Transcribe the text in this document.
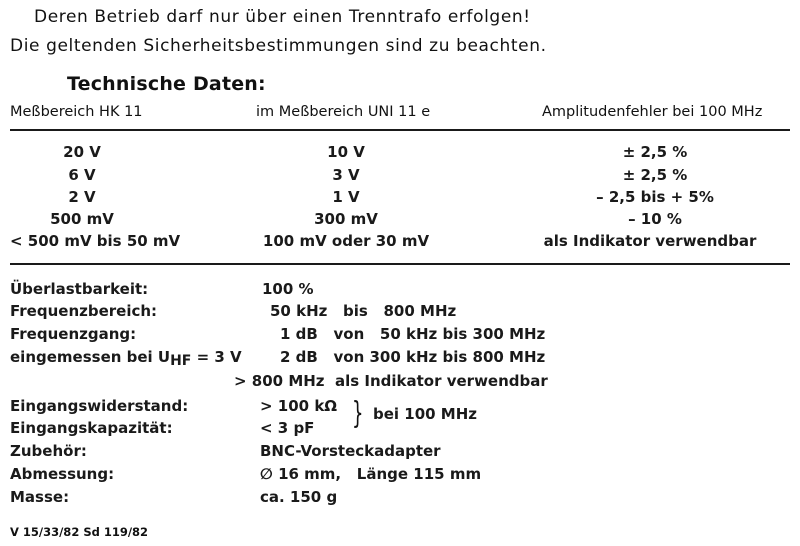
Deren Betrieb darf nur über einen Trenntrafo erfolgen!
Die geltenden Sicherheitsbestimmungen sind zu beachten.
Technische Daten:
Meßbereich HK 11	im Meßbereich UNI 11 e	Amplitudenfehler bei 100 MHz
20 V	10 V	± 2,5 %
6 V	3 V	± 2,5 %
2 V	1 V	– 2,5 bis + 5%
500 mV	300 mV	– 10 %
< 500 mV bis 50 mV	100 mV oder 30 mV	als Indikator verwendbar
Überlastbarkeit:	100 %
Frequenzbereich:	50 kHz   bis   800 MHz
Frequenzgang:	1 dB   von   50 kHz bis 300 MHz
eingemessen bei $U_{HF} = 3$ V	2 dB   von 300 kHz bis 800 MHz
> 800 MHz  als Indikator verwendbar
Eingangswiderstand:	> 100 kΩ
Eingangskapazität:	< 3 pF } bei 100 MHz
Zubehör:	BNC-Vorsteckadapter
Abmessung:	∅ 16 mm,   Länge 115 mm
Masse:	ca. 150 g
V 15/33/82 Sd 119/82
